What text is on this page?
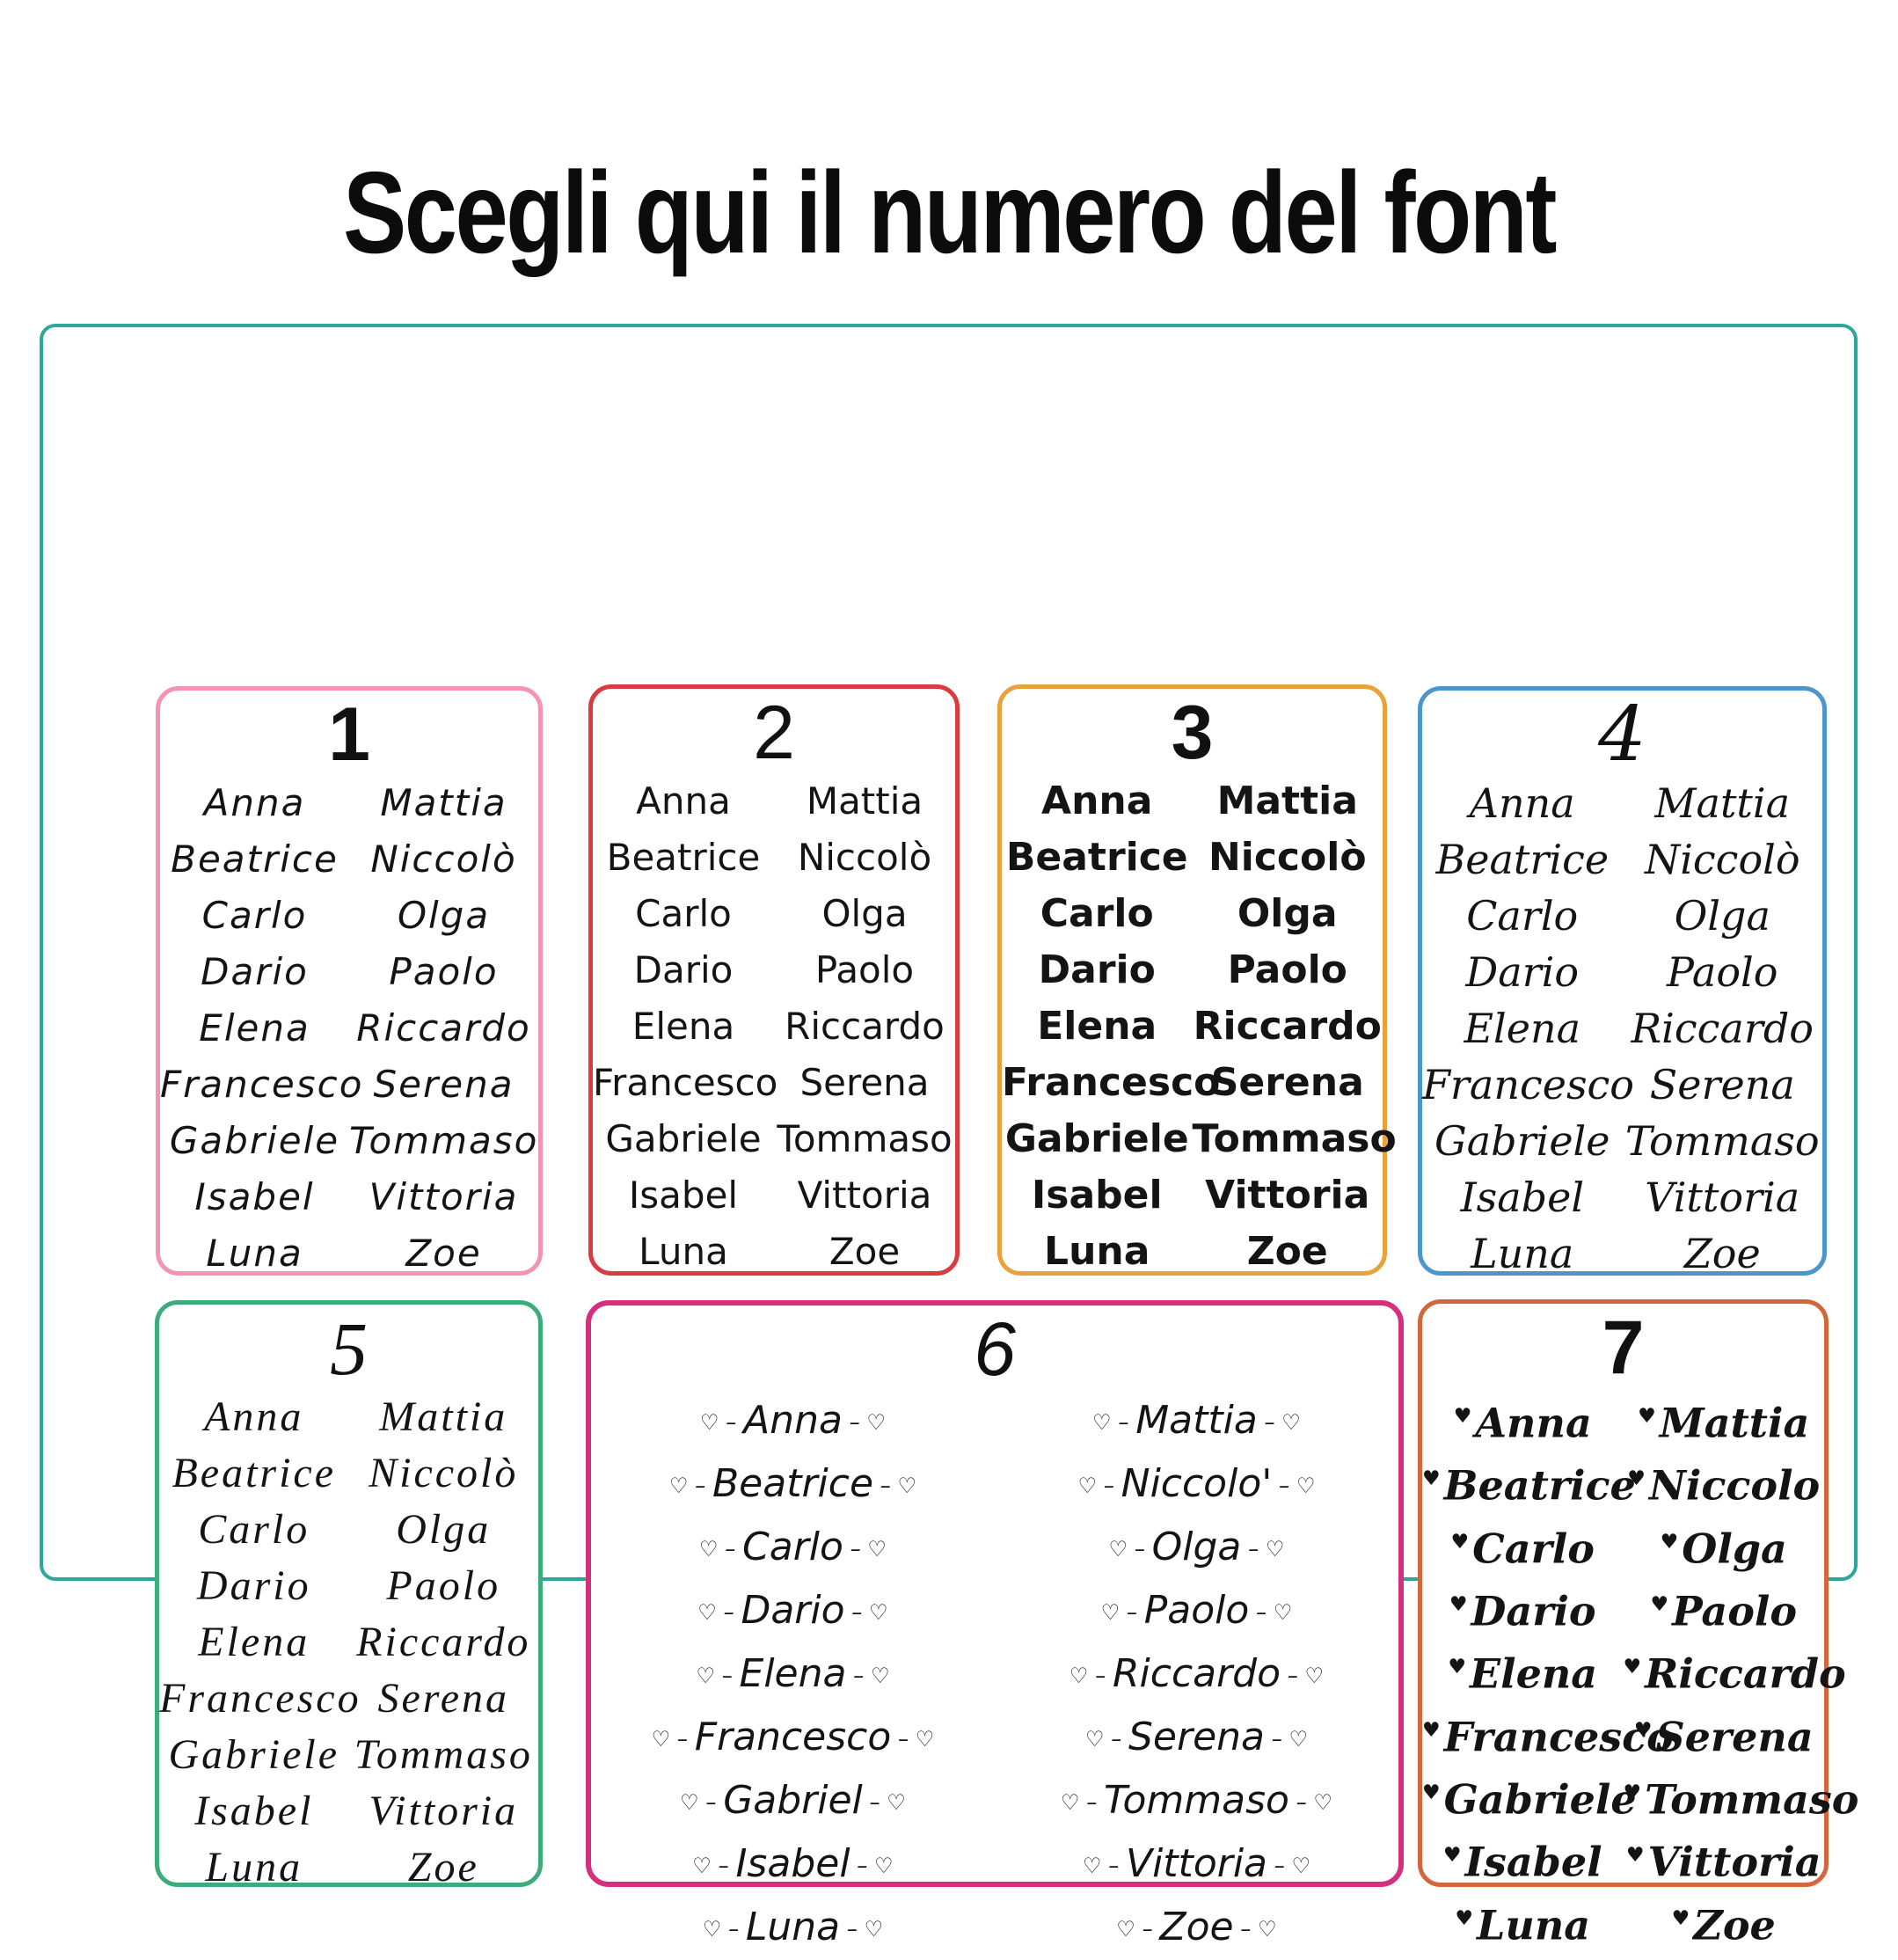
Scegli qui il numero del font
1
Anna
Beatrice
Carlo
Dario
Elena
Francesco
Gabriele
Isabel
Luna
Mattia
Niccolò
Olga
Paolo
Riccardo
Serena
Tommaso
Vittoria
Zoe
2
Anna
Beatrice
Carlo
Dario
Elena
Francesco
Gabriele
Isabel
Luna
Mattia
Niccolò
Olga
Paolo
Riccardo
Serena
Tommaso
Vittoria
Zoe
3
Anna
Beatrice
Carlo
Dario
Elena
Francesco
Gabriele
Isabel
Luna
Mattia
Niccolò
Olga
Paolo
Riccardo
Serena
Tommaso
Vittoria
Zoe
4
Anna
Beatrice
Carlo
Dario
Elena
Francesco
Gabriele
Isabel
Luna
Mattia
Niccolò
Olga
Paolo
Riccardo
Serena
Tommaso
Vittoria
Zoe
5
Anna
Beatrice
Carlo
Dario
Elena
Francesco
Gabriele
Isabel
Luna
Mattia
Niccolò
Olga
Paolo
Riccardo
Serena
Tommaso
Vittoria
Zoe
6
♡ – Anna – ♡
♡ – Beatrice – ♡
♡ – Carlo – ♡
♡ – Dario – ♡
♡ – Elena – ♡
♡ – Francesco – ♡
♡ – Gabriel – ♡
♡ – Isabel – ♡
♡ – Luna – ♡
♡ – Mattia – ♡
♡ – Niccolo' – ♡
♡ – Olga – ♡
♡ – Paolo – ♡
♡ – Riccardo – ♡
♡ – Serena – ♡
♡ – Tommaso – ♡
♡ – Vittoria – ♡
♡ – Zoe – ♡
7
♥ Anna
♥ Beatrice
♥ Carlo
♥ Dario
♥ Elena
♥ Francesco
♥ Gabriele
♥ Isabel
♥ Luna
♥ Mattia
♥ Niccolo
♥ Olga
♥ Paolo
♥ Riccardo
♥ Serena
♥ Tommaso
♥ Vittoria
♥ Zoe
